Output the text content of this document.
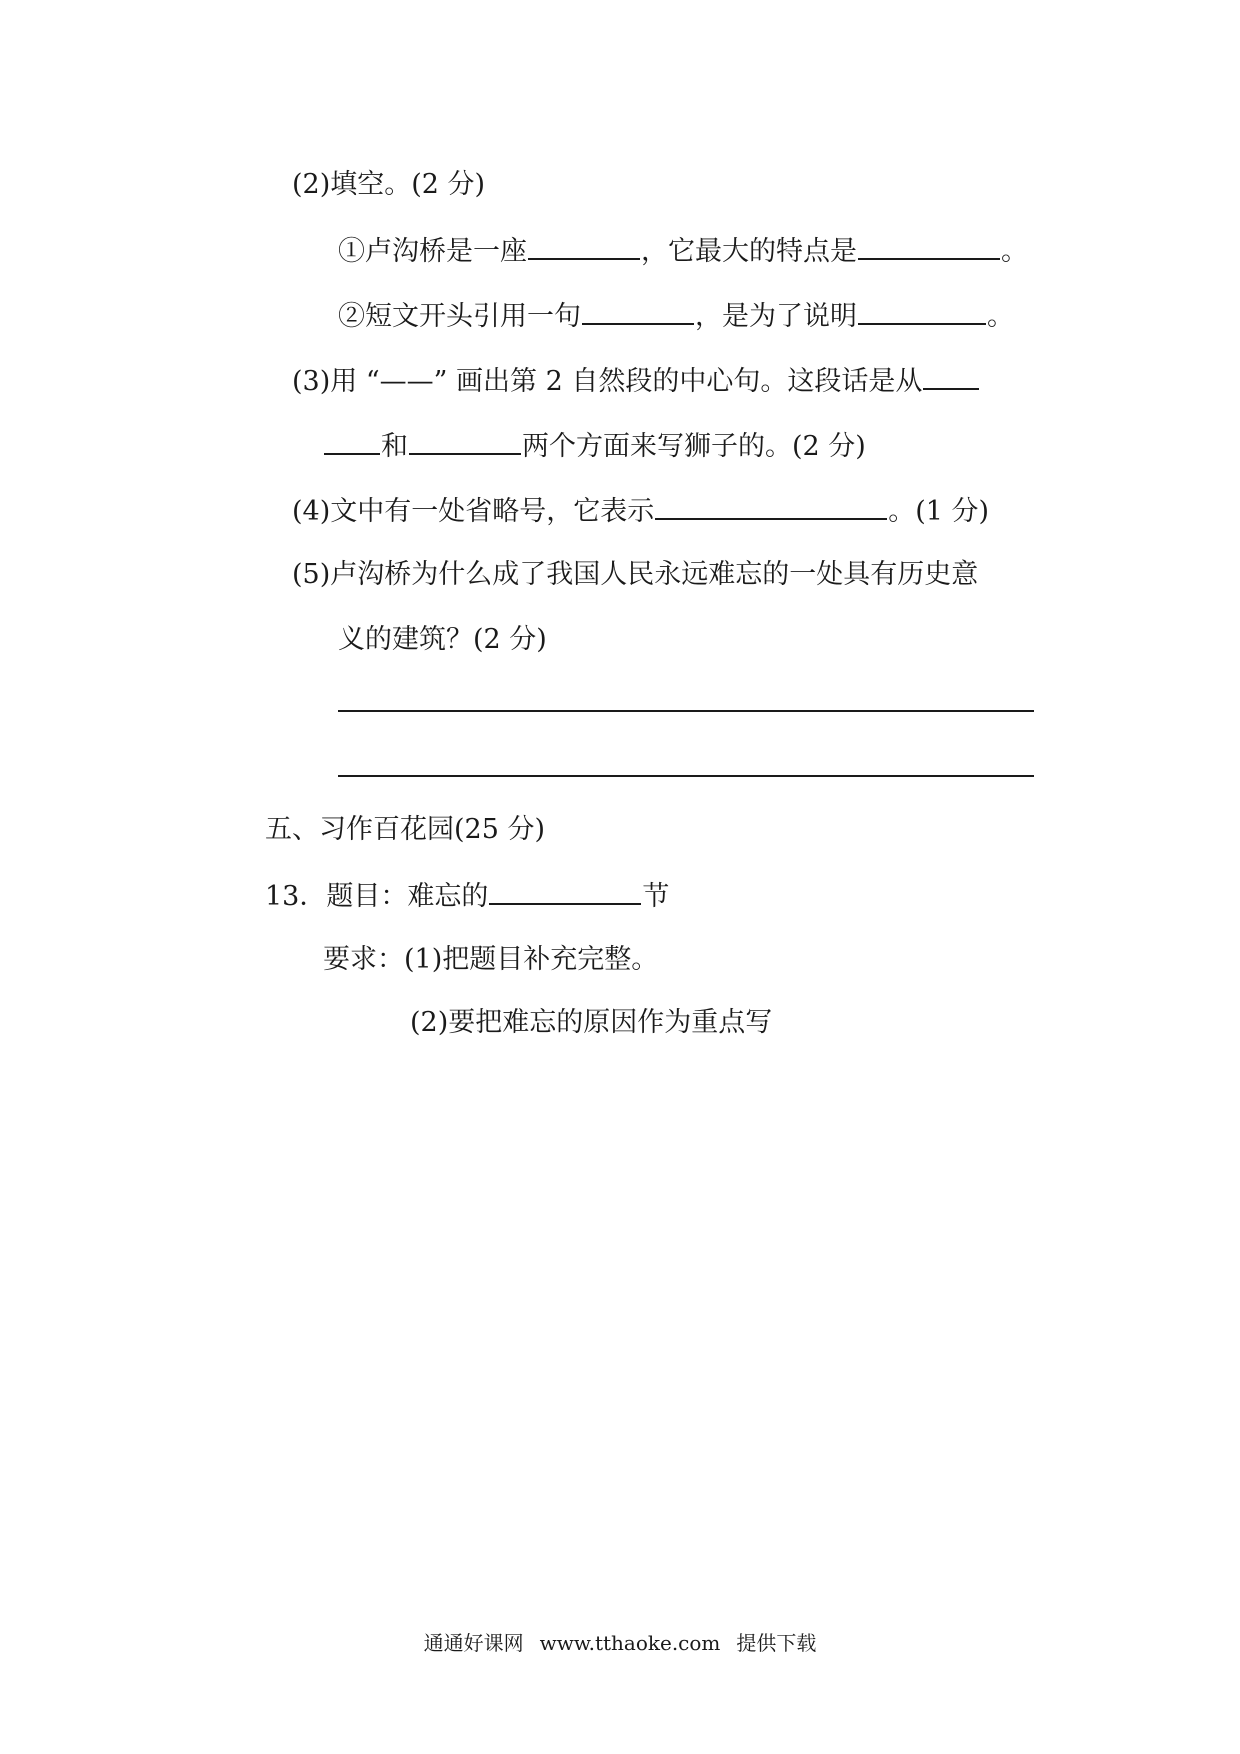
(2)填空。(2 分)
①卢沟桥是一座	，它最大的特点是	。
②短文开头引用一句	，是为了说明	。
(3)用 “——” 画出第 2 自然段的中心句。这段话是从
和	两个方面来写狮子的。(2 分)
(4)文中有一处省略号，它表示	。(1 分)
(5)卢沟桥为什么成了我国人民永远难忘的一处具有历史意
义的建筑？(2 分)
五、习作百花园(25 分)
13．题目：难忘的	节
要求：(1)把题目补充完整。
(2)要把难忘的原因作为重点写
通通好课网 www.tthaoke.com 提供下载
